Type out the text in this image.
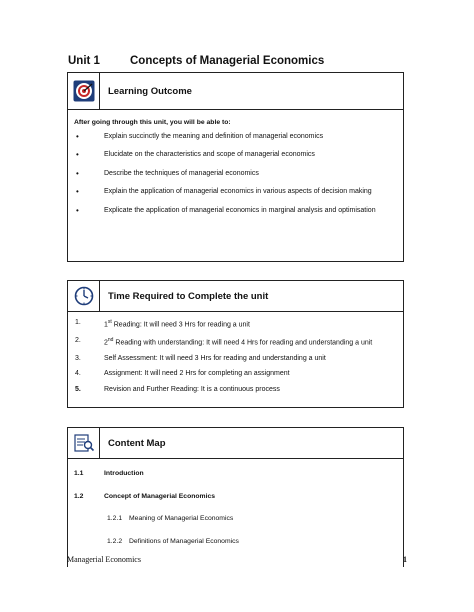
Unit 1	Concepts of Managerial Economics
Learning Outcome
After going through this unit, you will be able to:
•	Explain succinctly the meaning and definition of managerial economics
•	Elucidate on the characteristics and scope of managerial economics
•	Describe the techniques of managerial economics
•	Explain the application of managerial economics in various aspects of decision making
•	Explicate the application of managerial economics in marginal analysis and optimisation
Time Required to Complete the unit
1.	1st Reading: It will need 3 Hrs for reading a unit
2.	2nd Reading with understanding: It will need 4 Hrs for reading and understanding a unit
3.	Self Assessment: It will need 3 Hrs for reading and understanding a unit
4.	Assignment: It will need 2 Hrs for completing an assignment
5.	Revision and Further Reading: It is a continuous process
Content Map
1.1	Introduction
1.2	Concept of Managerial Economics
1.2.1 Meaning of Managerial Economics
1.2.2 Definitions of Managerial Economics
Managerial Economics	1
